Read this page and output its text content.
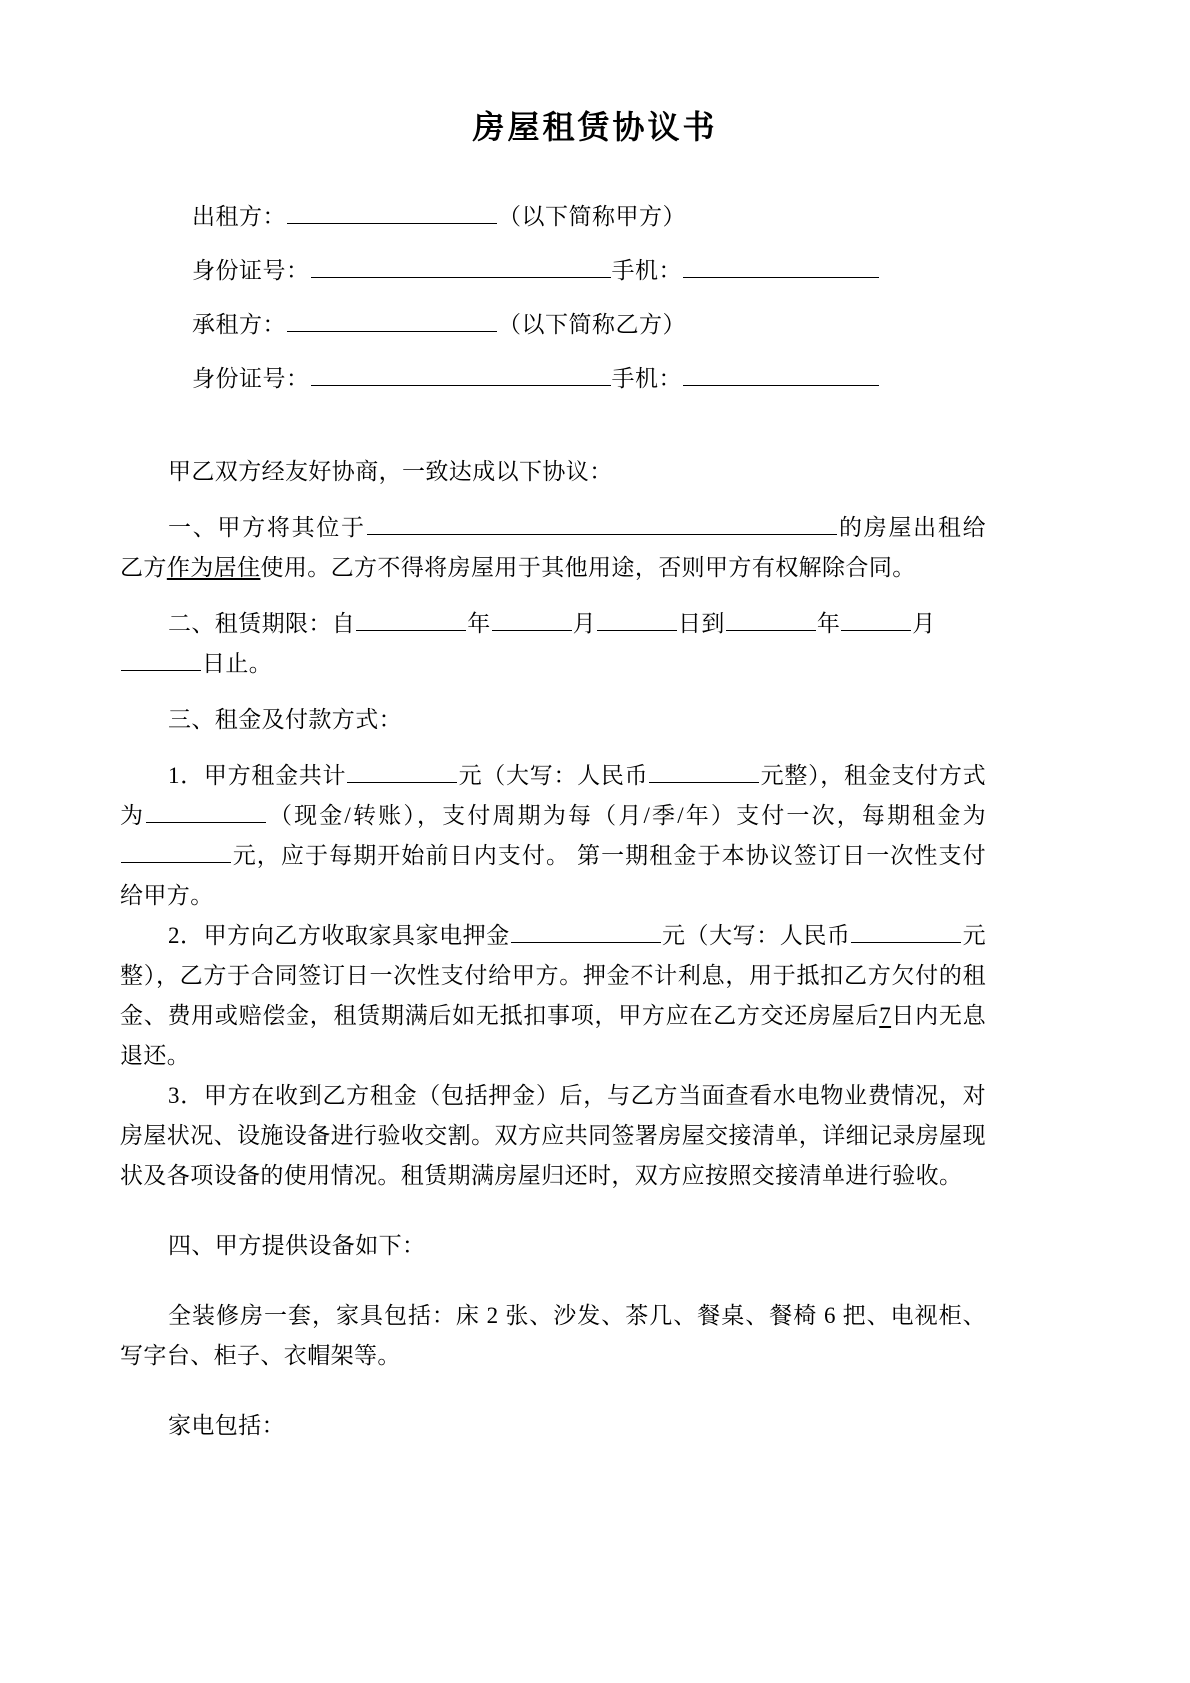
房屋租赁协议书
出租方：	（以下简称甲方）
身份证号：	手机：
承租方：	（以下简称乙方）
身份证号：	手机：
甲乙双方经友好协商，一致达成以下协议：
一、甲方将其位于	的房屋出租给乙方作为居住使用。乙方不得将房屋用于其他用途，否则甲方有权解除合同。
二、租赁期限：自	年	月	日到	年	月
日止。
三、租金及付款方式：
1．甲方租金共计	元（大写：人民币	元整），租金支付方式为	（现金/转账），支付周期为每（月/季/年）支付一次，每期租金为元，应于每期开始前日内支付。 第一期租金于本协议签订日一次性支付给甲方。
2．甲方向乙方收取家具家电押金	元（大写：人民币	元整），乙方于合同签订日一次性支付给甲方。押金不计利息，用于抵扣乙方欠付的租金、费用或赔偿金，租赁期满后如无抵扣事项，甲方应在乙方交还房屋后7日内无息退还。
3．甲方在收到乙方租金（包括押金）后，与乙方当面查看水电物业费情况，对房屋状况、设施设备进行验收交割。双方应共同签署房屋交接清单，详细记录房屋现状及各项设备的使用情况。租赁期满房屋归还时，双方应按照交接清单进行验收。
四、甲方提供设备如下：
全装修房一套，家具包括：床 2 张、沙发、茶几、餐桌、餐椅 6 把、电视柜、写字台、柜子、衣帽架等。
家电包括：
